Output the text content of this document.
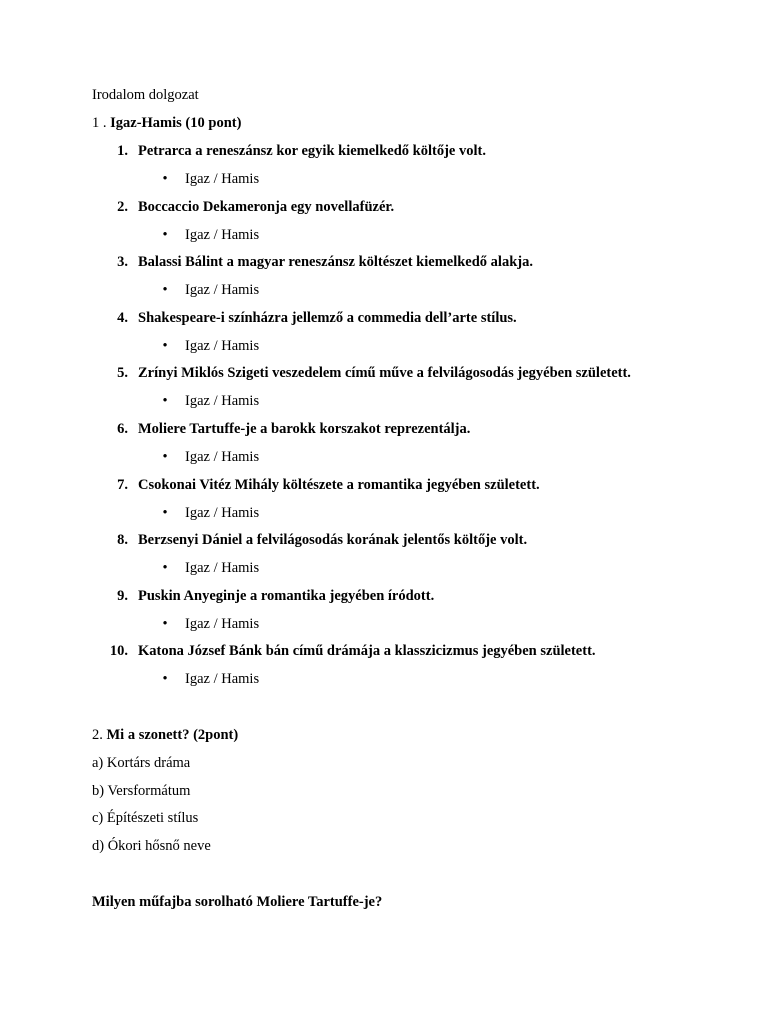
Irodalom dolgozat
1 . Igaz-Hamis (10 pont)
1. Petrarca a reneszánsz kor egyik kiemelkedő költője volt.
• Igaz / Hamis
2. Boccaccio Dekameronja egy novellafüzér.
• Igaz / Hamis
3. Balassi Bálint a magyar reneszánsz költészet kiemelkedő alakja.
• Igaz / Hamis
4. Shakespeare-i színházra jellemző a commedia dell’arte stílus.
• Igaz / Hamis
5. Zrínyi Miklós Szigeti veszedelem című műve a felvilágosodás jegyében született.
• Igaz / Hamis
6. Moliere Tartuffe-je a barokk korszakot reprezentálja.
• Igaz / Hamis
7. Csokonai Vitéz Mihály költészete a romantika jegyében született.
• Igaz / Hamis
8. Berzsenyi Dániel a felvilágosodás korának jelentős költője volt.
• Igaz / Hamis
9. Puskin Anyeginje a romantika jegyében íródott.
• Igaz / Hamis
10. Katona József Bánk bán című drámája a klasszicizmus jegyében született.
• Igaz / Hamis
2. Mi a szonett? (2pont)
a) Kortárs dráma
b) Versformátum
c) Építészeti stílus
d) Ókori hősnő neve
Milyen műfajba sorolható Moliere Tartuffe-je?
